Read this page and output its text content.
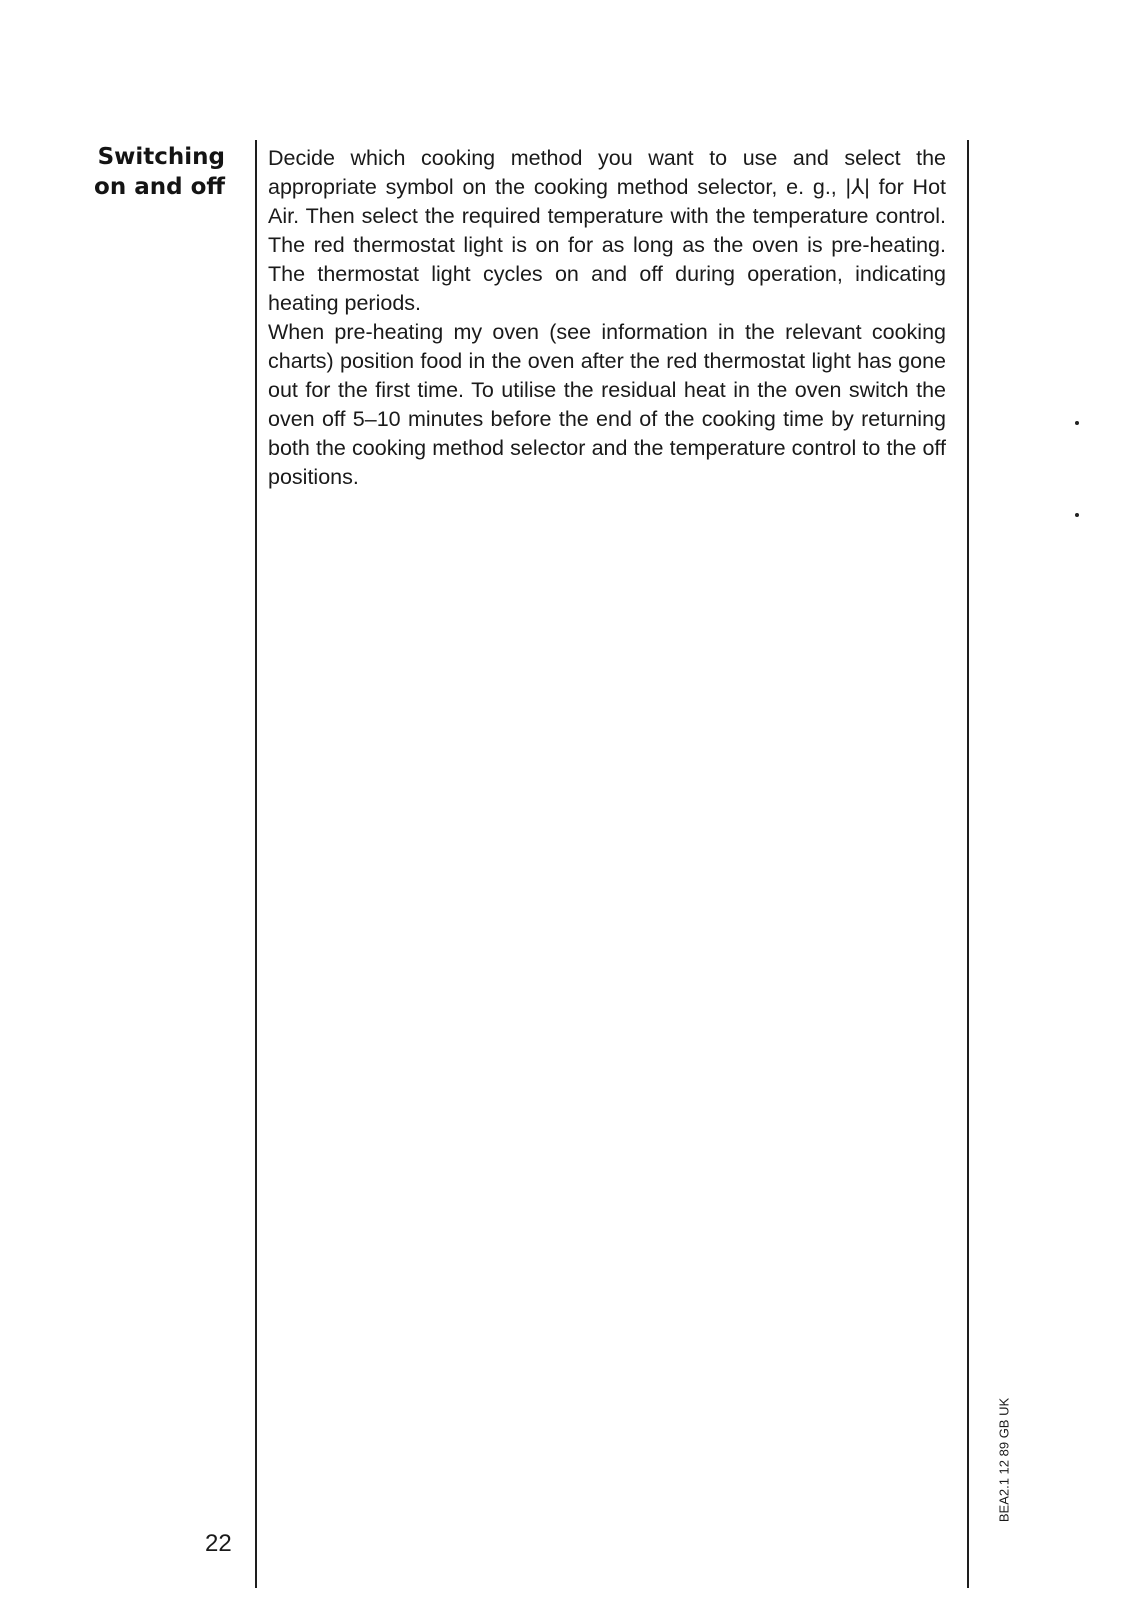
Switching
on and off

Decide which cooking method you want to use and select the appropriate symbol on the cooking method selector, e. g., |⅄| for Hot Air. Then select the required temperature with the temperature control. The red thermostat light is on for as long as the oven is pre-heating. The thermostat light cycles on and off during operation, indicating heating periods.

When pre-heating my oven (see information in the relevant cooking charts) position food in the oven after the red thermostat light has gone out for the first time. To utilise the residual heat in the oven switch the oven off 5–10 minutes before the end of the cooking time by returning both the cooking method selector and the temperature control to the off positions.

22
BEA2.1 12 89 GB UK
